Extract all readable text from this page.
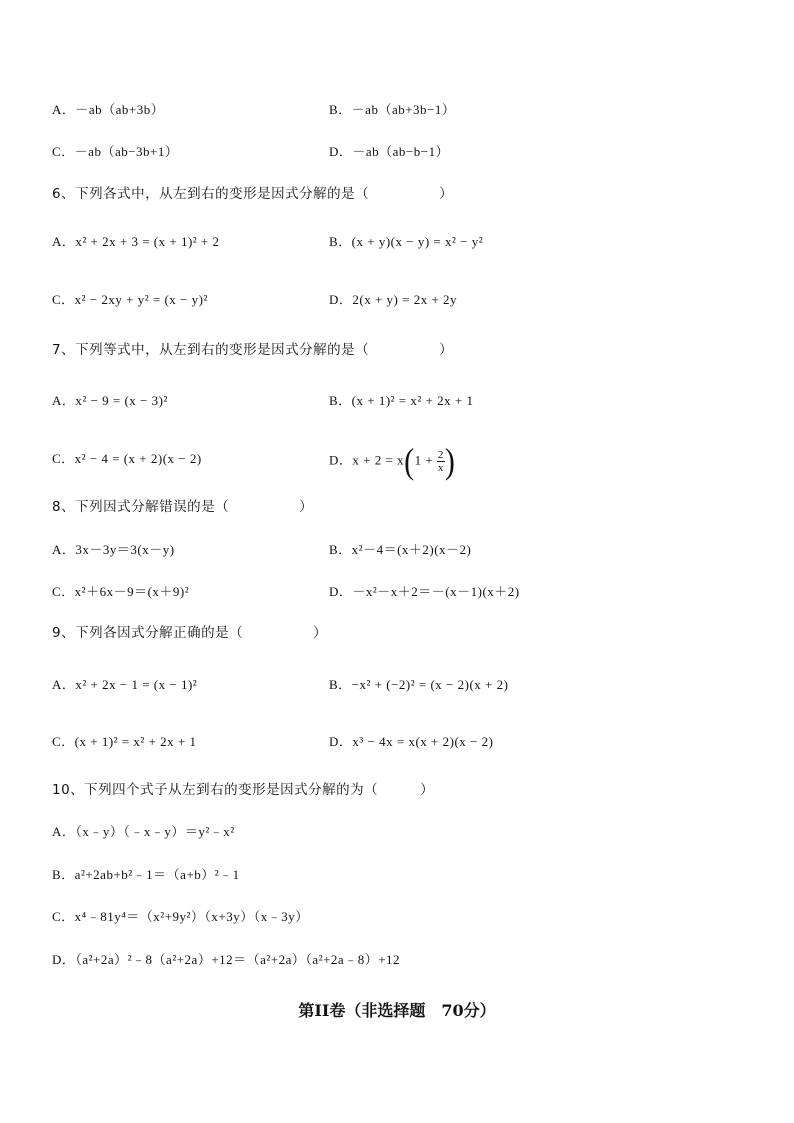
A．－ab（ab+3b）	B．－ab（ab+3b−1）
C．－ab（ab−3b+1）	D．－ab（ab−b−1）
6、下列各式中，从左到右的变形是因式分解的是（　　　　　）
A．x² + 2x + 3 = (x + 1)² + 2	B．(x + y)(x − y) = x² − y²
C．x² − 2xy + y² = (x − y)²	D．2(x + y) = 2x + 2y
7、下列等式中，从左到右的变形是因式分解的是（　　　　　）
A．x² − 9 = (x − 3)²	B．(x + 1)² = x² + 2x + 1
C．x² − 4 = (x + 2)(x − 2)	D．$x + 2 = x(1 + \frac{2}{x}$ )
8、下列因式分解错误的是（　　　　　）
A．3x－3y＝3(x－y)	B．x²－4＝(x＋2)(x－2)
C．x²＋6x－9＝(x＋9)²	D．－x²－x＋2＝－(x－1)(x＋2)
9、下列各因式分解正确的是（　　　　　）
A．x² + 2x − 1 = (x − 1)²	B．−x² + (−2)² = (x − 2)(x + 2)
C．(x + 1)² = x² + 2x + 1	D．x³ − 4x = x(x + 2)(x − 2)
10、下列四个式子从左到右的变形是因式分解的为（　　　）
A．（x﹣y）（﹣x﹣y）＝y²﹣x²
B．a²+2ab+b²﹣1＝（a+b）²﹣1
C．x⁴﹣81y⁴＝（x²+9y²）（x+3y）（x﹣3y）
D．（a²+2a）²﹣8（a²+2a）+12＝（a²+2a）（a²+2a﹣8）+12
第II卷（非选择题　70分）
